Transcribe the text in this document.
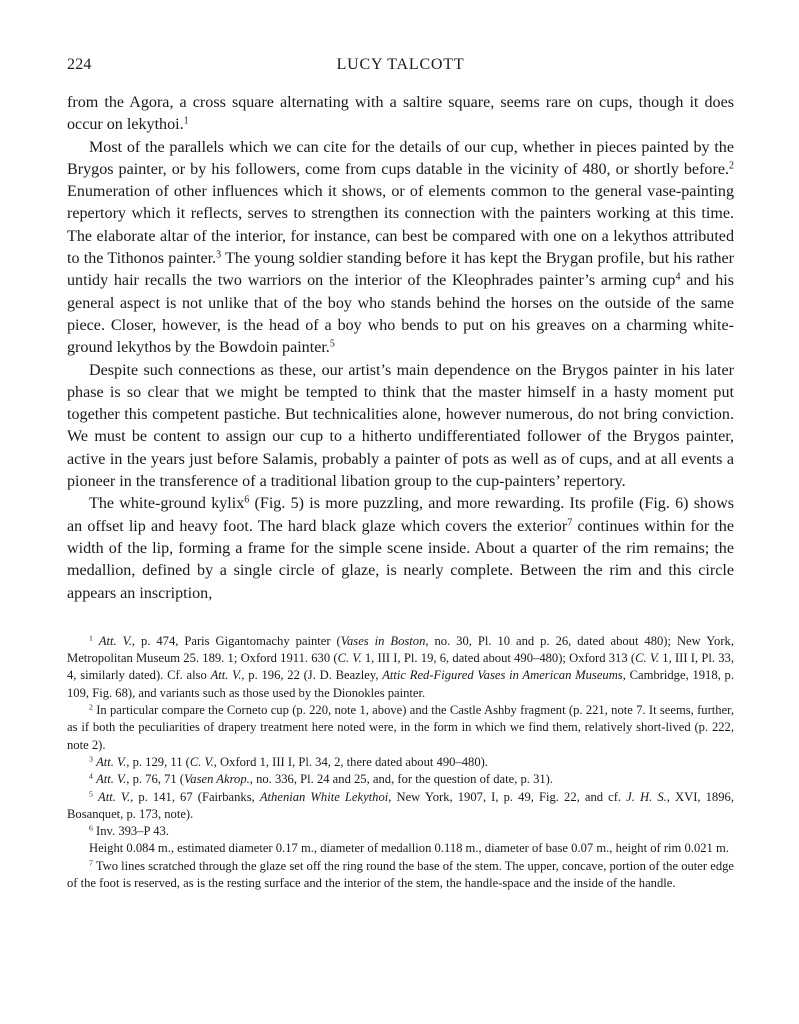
224	LUCY TALCOTT

from the Agora, a cross square alternating with a saltire square, seems rare on cups, though it does occur on lekythoi.$^1$

Most of the parallels which we can cite for the details of our cup, whether in pieces painted by the Brygos painter, or by his followers, come from cups datable in the vicinity of 480, or shortly before.$^2$ Enumeration of other influences which it shows, or of elements common to the general vase-painting repertory which it reflects, serves to strengthen its connection with the painters working at this time. The elaborate altar of the interior, for instance, can best be compared with one on a lekythos attributed to the Tithonos painter.$^3$ The young soldier standing before it has kept the Brygan profile, but his rather untidy hair recalls the two warriors on the interior of the Kleophrades painter’s arming cup$^4$ and his general aspect is not unlike that of the boy who stands behind the horses on the outside of the same piece. Closer, however, is the head of a boy who bends to put on his greaves on a charming white-ground lekythos by the Bowdoin painter.$^5$

Despite such connections as these, our artist’s main dependence on the Brygos painter in his later phase is so clear that we might be tempted to think that the master himself in a hasty moment put together this competent pastiche. But technicalities alone, however numerous, do not bring conviction. We must be content to assign our cup to a hitherto undifferentiated follower of the Brygos painter, active in the years just before Salamis, probably a painter of pots as well as of cups, and at all events a pioneer in the transference of a traditional libation group to the cup-painters’ repertory.

The white-ground kylix$^6$ (Fig. 5) is more puzzling, and more rewarding. Its profile (Fig. 6) shows an offset lip and heavy foot. The hard black glaze which covers the exterior$^7$ continues within for the width of the lip, forming a frame for the simple scene inside. About a quarter of the rim remains; the medallion, defined by a single circle of glaze, is nearly complete. Between the rim and this circle appears an inscription,

$^1$ Att. V., p. 474, Paris Gigantomachy painter (Vases in Boston, no. 30, Pl. 10 and p. 26, dated about 480); New York, Metropolitan Museum 25. 189. 1; Oxford 1911. 630 (C. V. 1, III I, Pl. 19, 6, dated about 490–480); Oxford 313 (C. V. 1, III I, Pl. 33, 4, similarly dated). Cf. also Att. V., p. 196, 22 (J. D. Beazley, Attic Red-Figured Vases in American Museums, Cambridge, 1918, p. 109, Fig. 68), and variants such as those used by the Dionokles painter.

$^2$ In particular compare the Corneto cup (p. 220, note 1, above) and the Castle Ashby fragment (p. 221, note 7. It seems, further, as if both the peculiarities of drapery treatment here noted were, in the form in which we find them, relatively short-lived (p. 222, note 2).

$^3$ Att. V., p. 129, 11 (C. V., Oxford 1, III I, Pl. 34, 2, there dated about 490–480).

$^4$ Att. V., p. 76, 71 (Vasen Akrop., no. 336, Pl. 24 and 25, and, for the question of date, p. 31).

$^5$ Att. V., p. 141, 67 (Fairbanks, Athenian White Lekythoi, New York, 1907, I, p. 49, Fig. 22, and cf. J. H. S., XVI, 1896, Bosanquet, p. 173, note).

$^6$ Inv. 393–P 43.

Height 0.084 m., estimated diameter 0.17 m., diameter of medallion 0.118 m., diameter of base 0.07 m., height of rim 0.021 m.

$^7$ Two lines scratched through the glaze set off the ring round the base of the stem. The upper, concave, portion of the outer edge of the foot is reserved, as is the resting surface and the interior of the stem, the handle-space and the inside of the handle.
